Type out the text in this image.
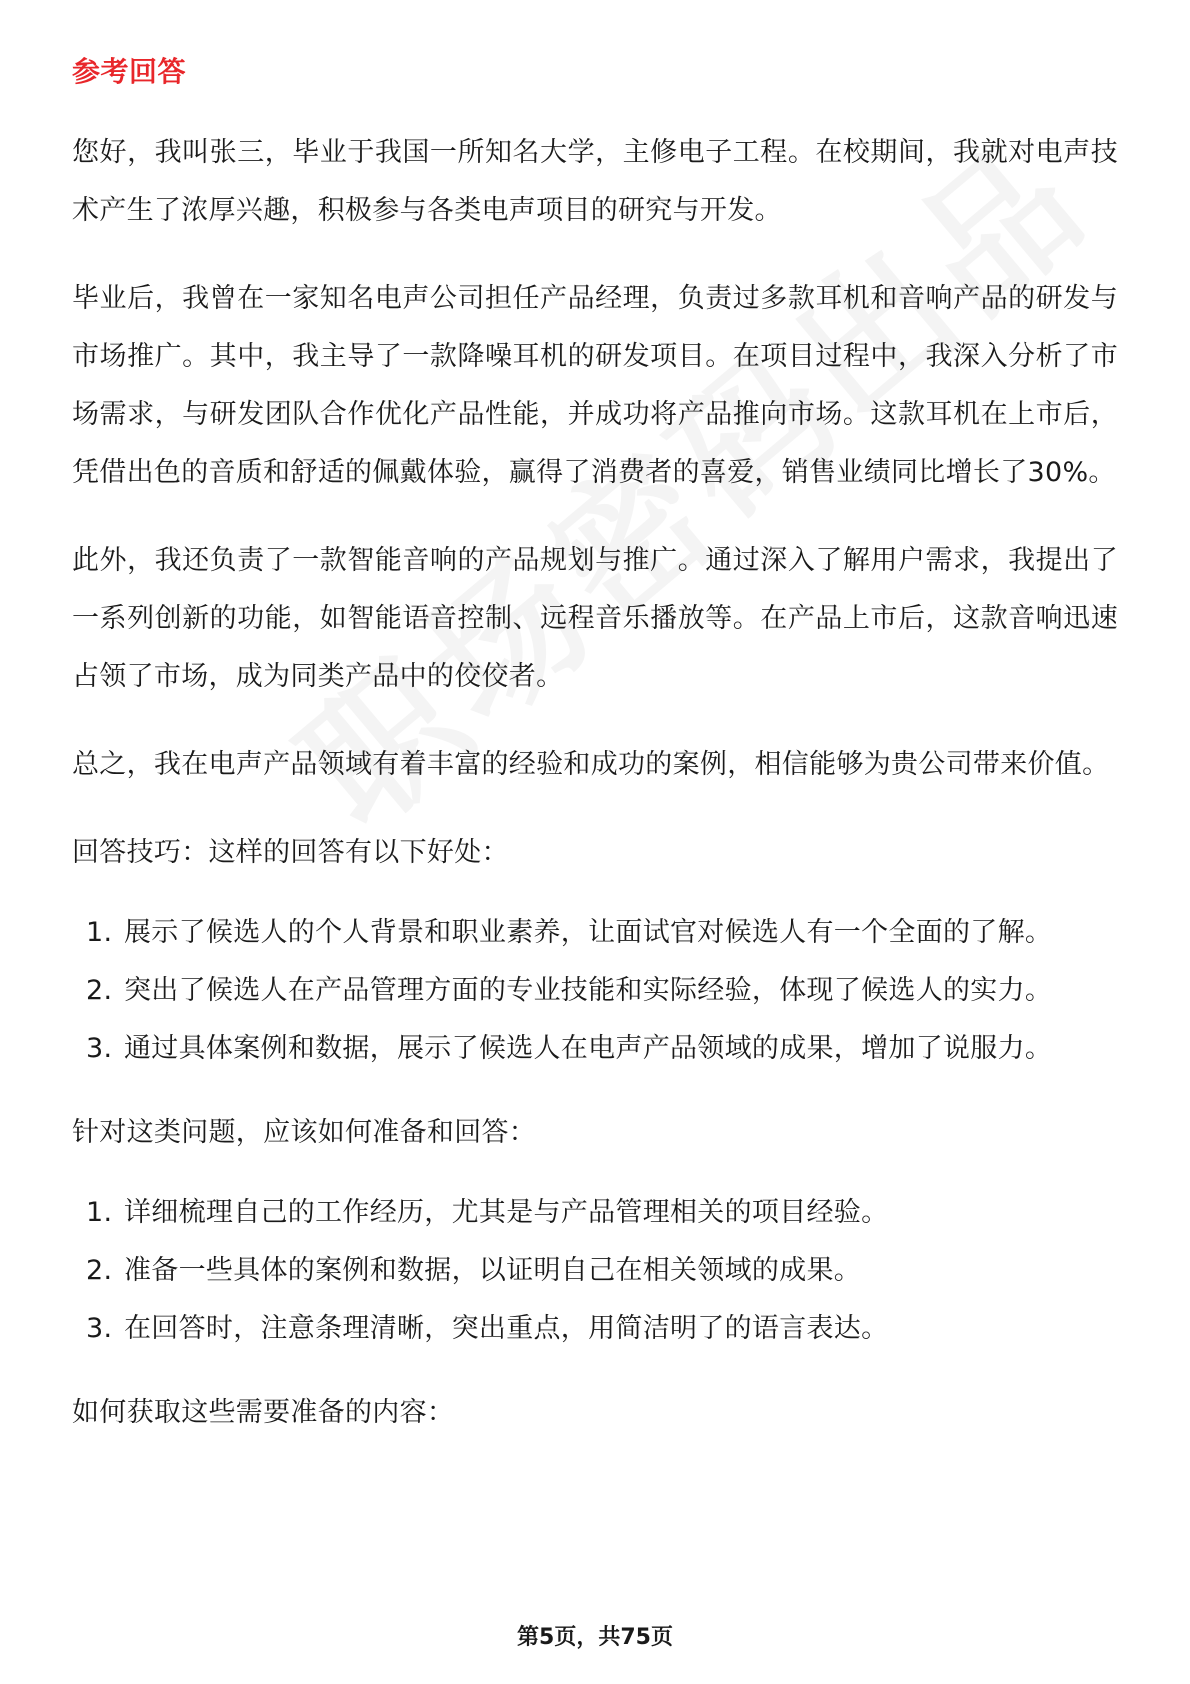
参考回答

您好，我叫张三，毕业于我国一所知名大学，主修电子工程。在校期间，我就对电声技术产生了浓厚兴趣，积极参与各类电声项目的研究与开发。

毕业后，我曾在一家知名电声公司担任产品经理，负责过多款耳机和音响产品的研发与市场推广。其中，我主导了一款降噪耳机的研发项目。在项目过程中，我深入分析了市场需求，与研发团队合作优化产品性能，并成功将产品推向市场。这款耳机在上市后，凭借出色的音质和舒适的佩戴体验，赢得了消费者的喜爱，销售业绩同比增长了30%。

此外，我还负责了一款智能音响的产品规划与推广。通过深入了解用户需求，我提出了一系列创新的功能，如智能语音控制、远程音乐播放等。在产品上市后，这款音响迅速占领了市场，成为同类产品中的佼佼者。

总之，我在电声产品领域有着丰富的经验和成功的案例，相信能够为贵公司带来价值。

回答技巧：这样的回答有以下好处：

1. 展示了候选人的个人背景和职业素养，让面试官对候选人有一个全面的了解。
2. 突出了候选人在产品管理方面的专业技能和实际经验，体现了候选人的实力。
3. 通过具体案例和数据，展示了候选人在电声产品领域的成果，增加了说服力。

针对这类问题，应该如何准备和回答：

1. 详细梳理自己的工作经历，尤其是与产品管理相关的项目经验。
2. 准备一些具体的案例和数据，以证明自己在相关领域的成果。
3. 在回答时，注意条理清晰，突出重点，用简洁明了的语言表达。

如何获取这些需要准备的内容：

第5页，共75页
